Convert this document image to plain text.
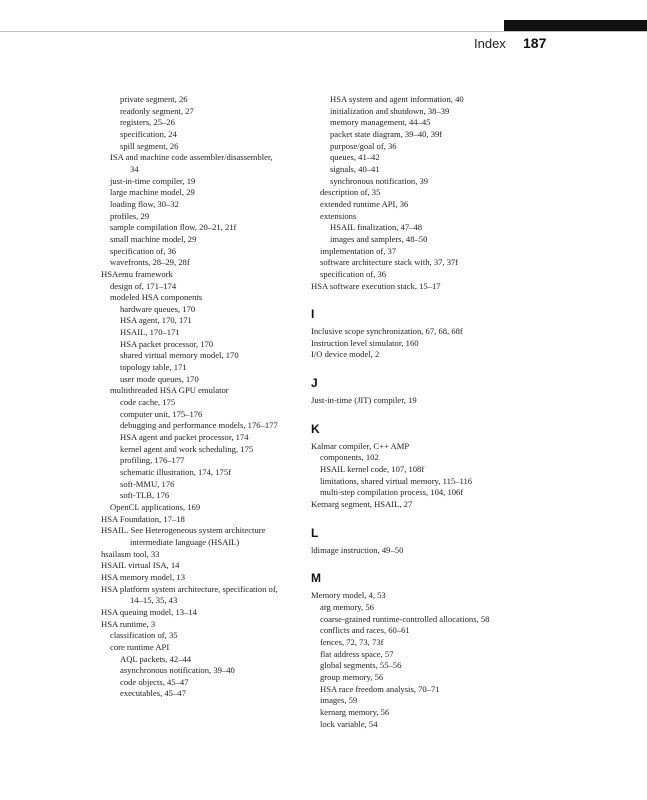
Index 187
private segment, 26
readonly segment, 27
registers, 25–26
specification, 24
spill segment, 26
ISA and machine code assembler/disassembler,
34
just-in-time compiler, 19
large machine model, 29
loading flow, 30–32
profiles, 29
sample compilation flow, 20–21, 21f
small machine model, 29
specification of, 36
wavefronts, 28–29, 28f
HSAemu framework
design of, 171–174
modeled HSA components
hardware queues, 170
HSA agent, 170, 171
HSAIL, 170–171
HSA packet processor, 170
shared virtual memory model, 170
topology table, 171
user mode queues, 170
multithreaded HSA GPU emulator
code cache, 175
computer unit, 175–176
debugging and performance models, 176–177
HSA agent and packet processor, 174
kernel agent and work scheduling, 175
profiling, 176–177
schematic illustration, 174, 175f
soft-MMU, 176
soft-TLB, 176
OpenCL applications, 169
HSA Foundation, 17–18
HSAIL. See Heterogeneous system architecture
intermediate language (HSAIL)
hsailasm tool, 33
HSAIL virtual ISA, 14
HSA memory model, 13
HSA platform system architecture, specification of,
14–15, 35, 43
HSA queuing model, 13–14
HSA runtime, 3
classification of, 35
core runtime API
AQL packets, 42–44
asynchronous notification, 39–40
code objects, 45–47
executables, 45–47
HSA system and agent information, 40
initialization and shutdown, 38–39
memory management, 44–45
packet state diagram, 39–40, 39f
purpose/goal of, 36
queues, 41–42
signals, 40–41
synchronous notification, 39
description of, 35
extended runtime API, 36
extensions
HSAIL finalization, 47–48
images and samplers, 48–50
implementation of, 37
software architecture stack with, 37, 37f
specification of, 36
HSA software execution stack, 15–17
I
Inclusive scope synchronization, 67, 68, 68f
Instruction level simulator, 160
I/O device model, 2
J
Just-in-time (JIT) compiler, 19
K
Kalmar compiler, C++ AMP
components, 102
HSAIL kernel code, 107, 108f
limitations, shared virtual memory, 115–116
multi-step compilation process, 104, 106f
Kernarg segment, HSAIL, 27
L
ldimage instruction, 49–50
M
Memory model, 4, 53
arg memory, 56
coarse-grained runtime-controlled allocations, 58
conflicts and races, 60–61
fences, 72, 73, 73f
flat address space, 57
global segments, 55–56
group memory, 56
HSA race freedom analysis, 70–71
images, 59
kernarg memory, 56
lock variable, 54
